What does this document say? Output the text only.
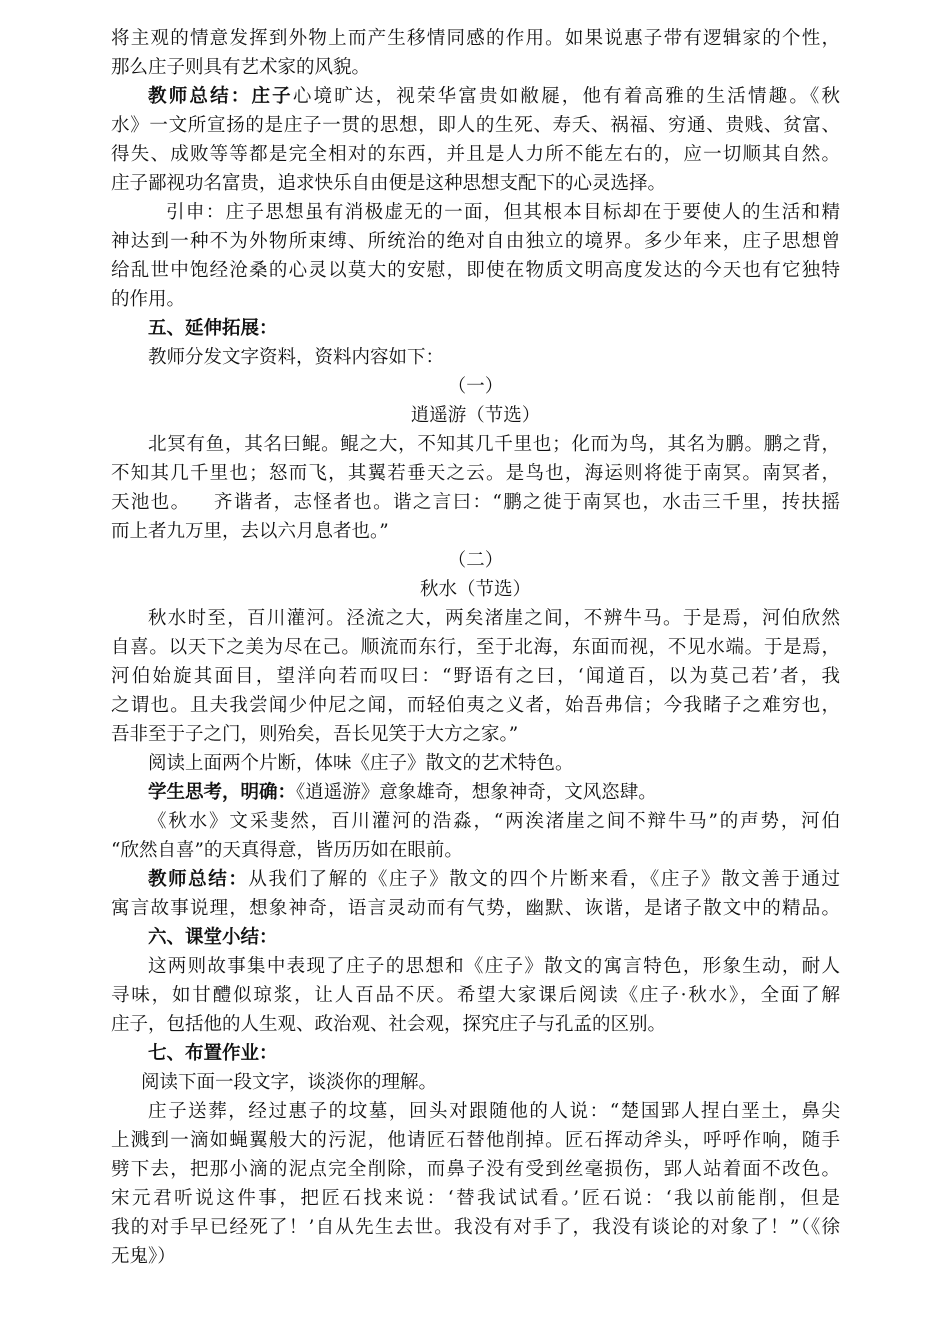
将主观的情意发挥到外物上而产生移情同感的作用。如果说惠子带有逻辑家的个性，
那么庄子则具有艺术家的风貌。
教师总结：庄子心境旷达，视荣华富贵如敝屣，他有着高雅的生活情趣。《秋
水》一文所宣扬的是庄子一贯的思想，即人的生死、寿夭、祸福、穷通、贵贱、贫富、
得失、成败等等都是完全相对的东西，并且是人力所不能左右的，应一切顺其自然。
庄子鄙视功名富贵，追求快乐自由便是这种思想支配下的心灵选择。
引申：庄子思想虽有消极虚无的一面，但其根本目标却在于要使人的生活和精
神达到一种不为外物所束缚、所统治的绝对自由独立的境界。多少年来，庄子思想曾
给乱世中饱经沧桑的心灵以莫大的安慰，即使在物质文明高度发达的今天也有它独特
的作用。
五、延伸拓展：
教师分发文字资料，资料内容如下：
（一）
逍遥游（节选）
北冥有鱼，其名曰鲲。鲲之大，不知其几千里也；化而为鸟，其名为鹏。鹏之背，
不知其几千里也；怒而飞，其翼若垂天之云。是鸟也，海运则将徙于南冥。南冥者，
天池也。 齐谐者，志怪者也。谐之言曰：“鹏之徙于南冥也，水击三千里，抟扶摇
而上者九万里，去以六月息者也。”
（二）
秋水（节选）
秋水时至，百川灌河。泾流之大，两矣渚崖之间，不辨牛马。于是焉，河伯欣然
自喜。以天下之美为尽在己。顺流而东行，至于北海，东面而视，不见水端。于是焉，
河伯始旋其面目，望洋向若而叹曰：“野语有之曰，‘闻道百，以为莫己若’者，我
之谓也。且夫我尝闻少仲尼之闻，而轻伯夷之义者，始吾弗信；今我睹子之难穷也，
吾非至于子之门，则殆矣，吾长见笑于大方之家。”
阅读上面两个片断，体味《庄子》散文的艺术特色。
学生思考，明确：《逍遥游》意象雄奇，想象神奇，文风恣肆。
《秋水》文采斐然，百川灌河的浩淼，“两涘渚崖之间不辩牛马”的声势，河伯
“欣然自喜”的天真得意，皆历历如在眼前。
教师总结：从我们了解的《庄子》散文的四个片断来看，《庄子》散文善于通过
寓言故事说理，想象神奇，语言灵动而有气势，幽默、诙谐，是诸子散文中的精品。
六、课堂小结：
这两则故事集中表现了庄子的思想和《庄子》散文的寓言特色，形象生动，耐人
寻味，如甘醴似琼浆，让人百品不厌。希望大家课后阅读《庄子·秋水》，全面了解
庄子，包括他的人生观、政治观、社会观，探究庄子与孔孟的区别。
七、布置作业：
阅读下面一段文字，谈淡你的理解。
庄子送葬，经过惠子的坟墓，回头对跟随他的人说：“楚国郢人捏白垩土，鼻尖
上溅到一滴如蝇翼般大的污泥，他请匠石替他削掉。匠石挥动斧头，呼呼作响，随手
劈下去，把那小滴的泥点完全削除，而鼻子没有受到丝毫损伤，郢人站着面不改色。
宋元君听说这件事，把匠石找来说：‘替我试试看。’匠石说：‘我以前能削，但是
我的对手早已经死了！’自从先生去世。我没有对手了，我没有谈论的对象了！”（《徐
无鬼》）
